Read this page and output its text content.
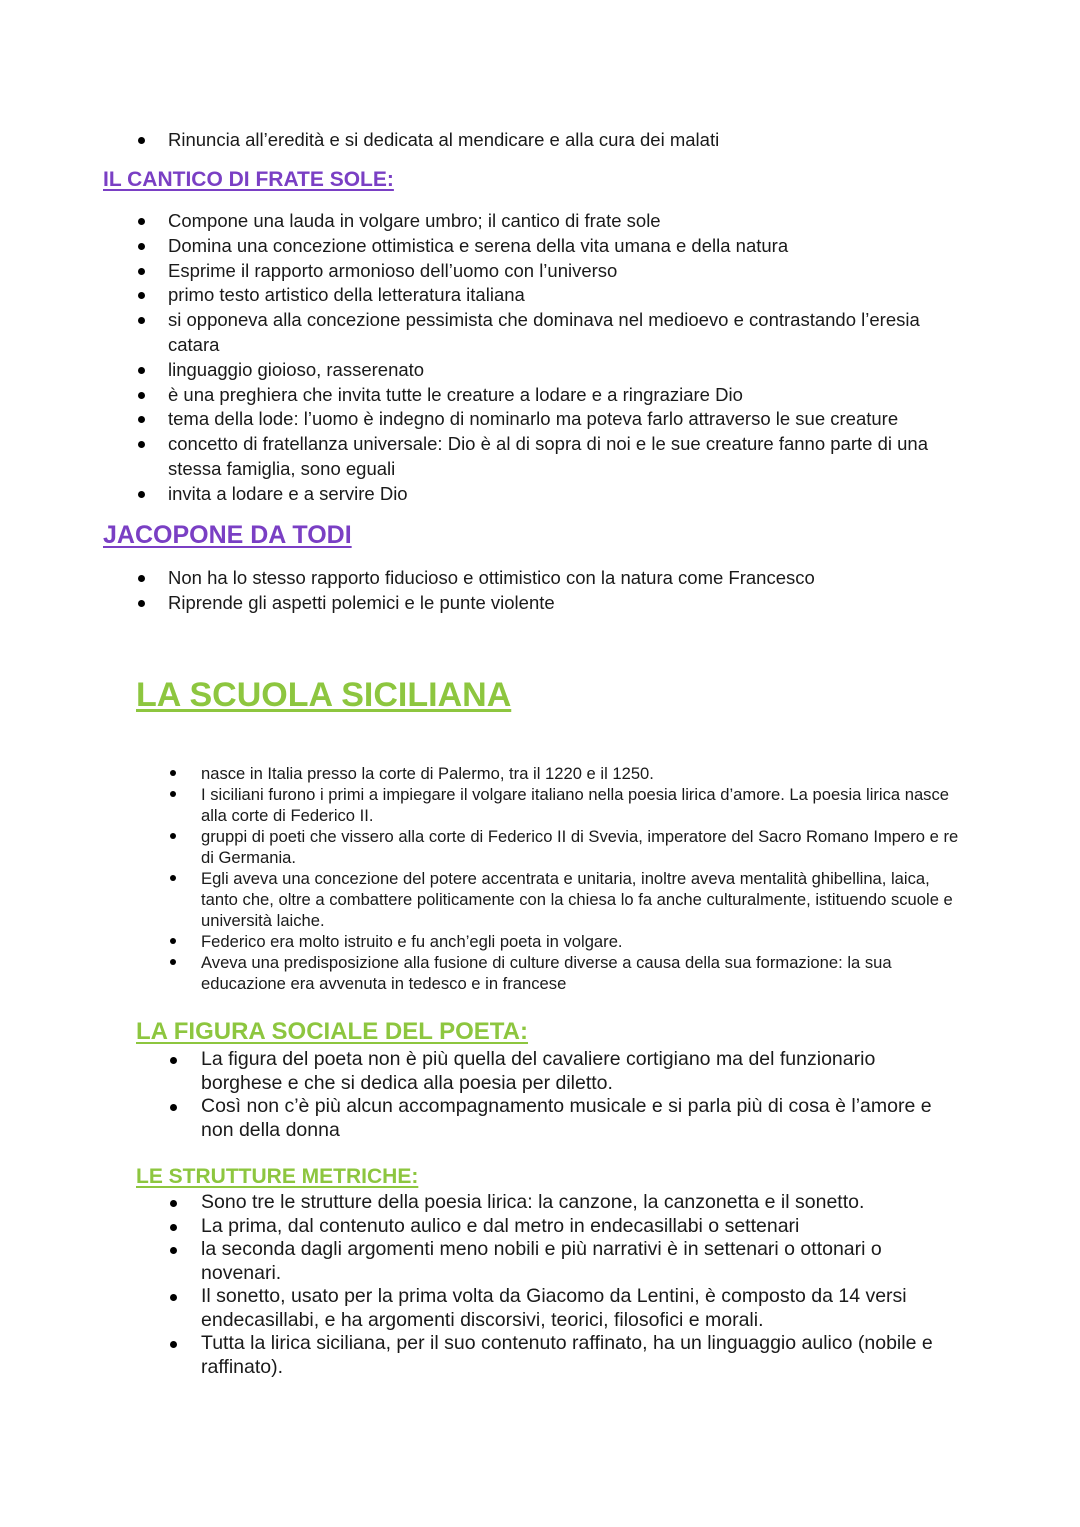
Rinuncia all’eredità e si dedicata al mendicare e alla cura dei malati
IL CANTICO DI FRATE SOLE:
Compone una lauda in volgare umbro; il cantico di frate sole
Domina una concezione ottimistica e serena della vita umana e della natura
Esprime il rapporto armonioso dell’uomo con l’universo
primo testo artistico della letteratura italiana
si opponeva alla concezione pessimista che dominava nel medioevo e contrastando l’eresia catara
linguaggio gioioso, rasserenato
è una preghiera che invita tutte le creature a lodare e a ringraziare Dio
tema della lode: l’uomo è indegno di nominarlo ma poteva farlo attraverso le sue creature
concetto di fratellanza universale: Dio è al di sopra di noi e le sue creature fanno parte di una stessa famiglia, sono eguali
invita a lodare e a servire Dio
JACOPONE DA TODI
Non ha lo stesso rapporto fiducioso e ottimistico con la natura come Francesco
Riprende gli aspetti polemici e le punte violente
LA SCUOLA SICILIANA
nasce in Italia presso la corte di Palermo, tra il 1220 e il 1250.
I siciliani furono i primi a impiegare il volgare italiano nella poesia lirica d’amore. La poesia lirica nasce alla corte di Federico II.
gruppi di poeti che vissero alla corte di Federico II di Svevia, imperatore del Sacro Romano Impero e re di Germania.
Egli aveva una concezione del potere accentrata e unitaria, inoltre aveva mentalità ghibellina, laica, tanto che, oltre a combattere politicamente con la chiesa lo fa anche culturalmente, istituendo scuole e università laiche.
Federico era molto istruito e fu anch’egli poeta in volgare.
Aveva una predisposizione alla fusione di culture diverse a causa della sua formazione: la sua educazione era avvenuta in tedesco e in francese
LA FIGURA SOCIALE DEL POETA:
La figura del poeta non è più quella del cavaliere cortigiano ma del funzionario borghese e che si dedica alla poesia per diletto.
Così non c’è più alcun accompagnamento musicale e si parla più di cosa è l’amore e non della donna
LE STRUTTURE METRICHE:
Sono tre le strutture della poesia lirica: la canzone, la canzonetta e il sonetto.
La prima, dal contenuto aulico e dal metro in endecasillabi o settenari
la seconda dagli argomenti meno nobili e più narrativi è in settenari o ottonari o novenari.
Il sonetto, usato per la prima volta da Giacomo da Lentini, è composto da 14 versi endecasillabi, e ha argomenti discorsivi, teorici, filosofici e morali.
Tutta la lirica siciliana, per il suo contenuto raffinato, ha un linguaggio aulico (nobile e raffinato).
